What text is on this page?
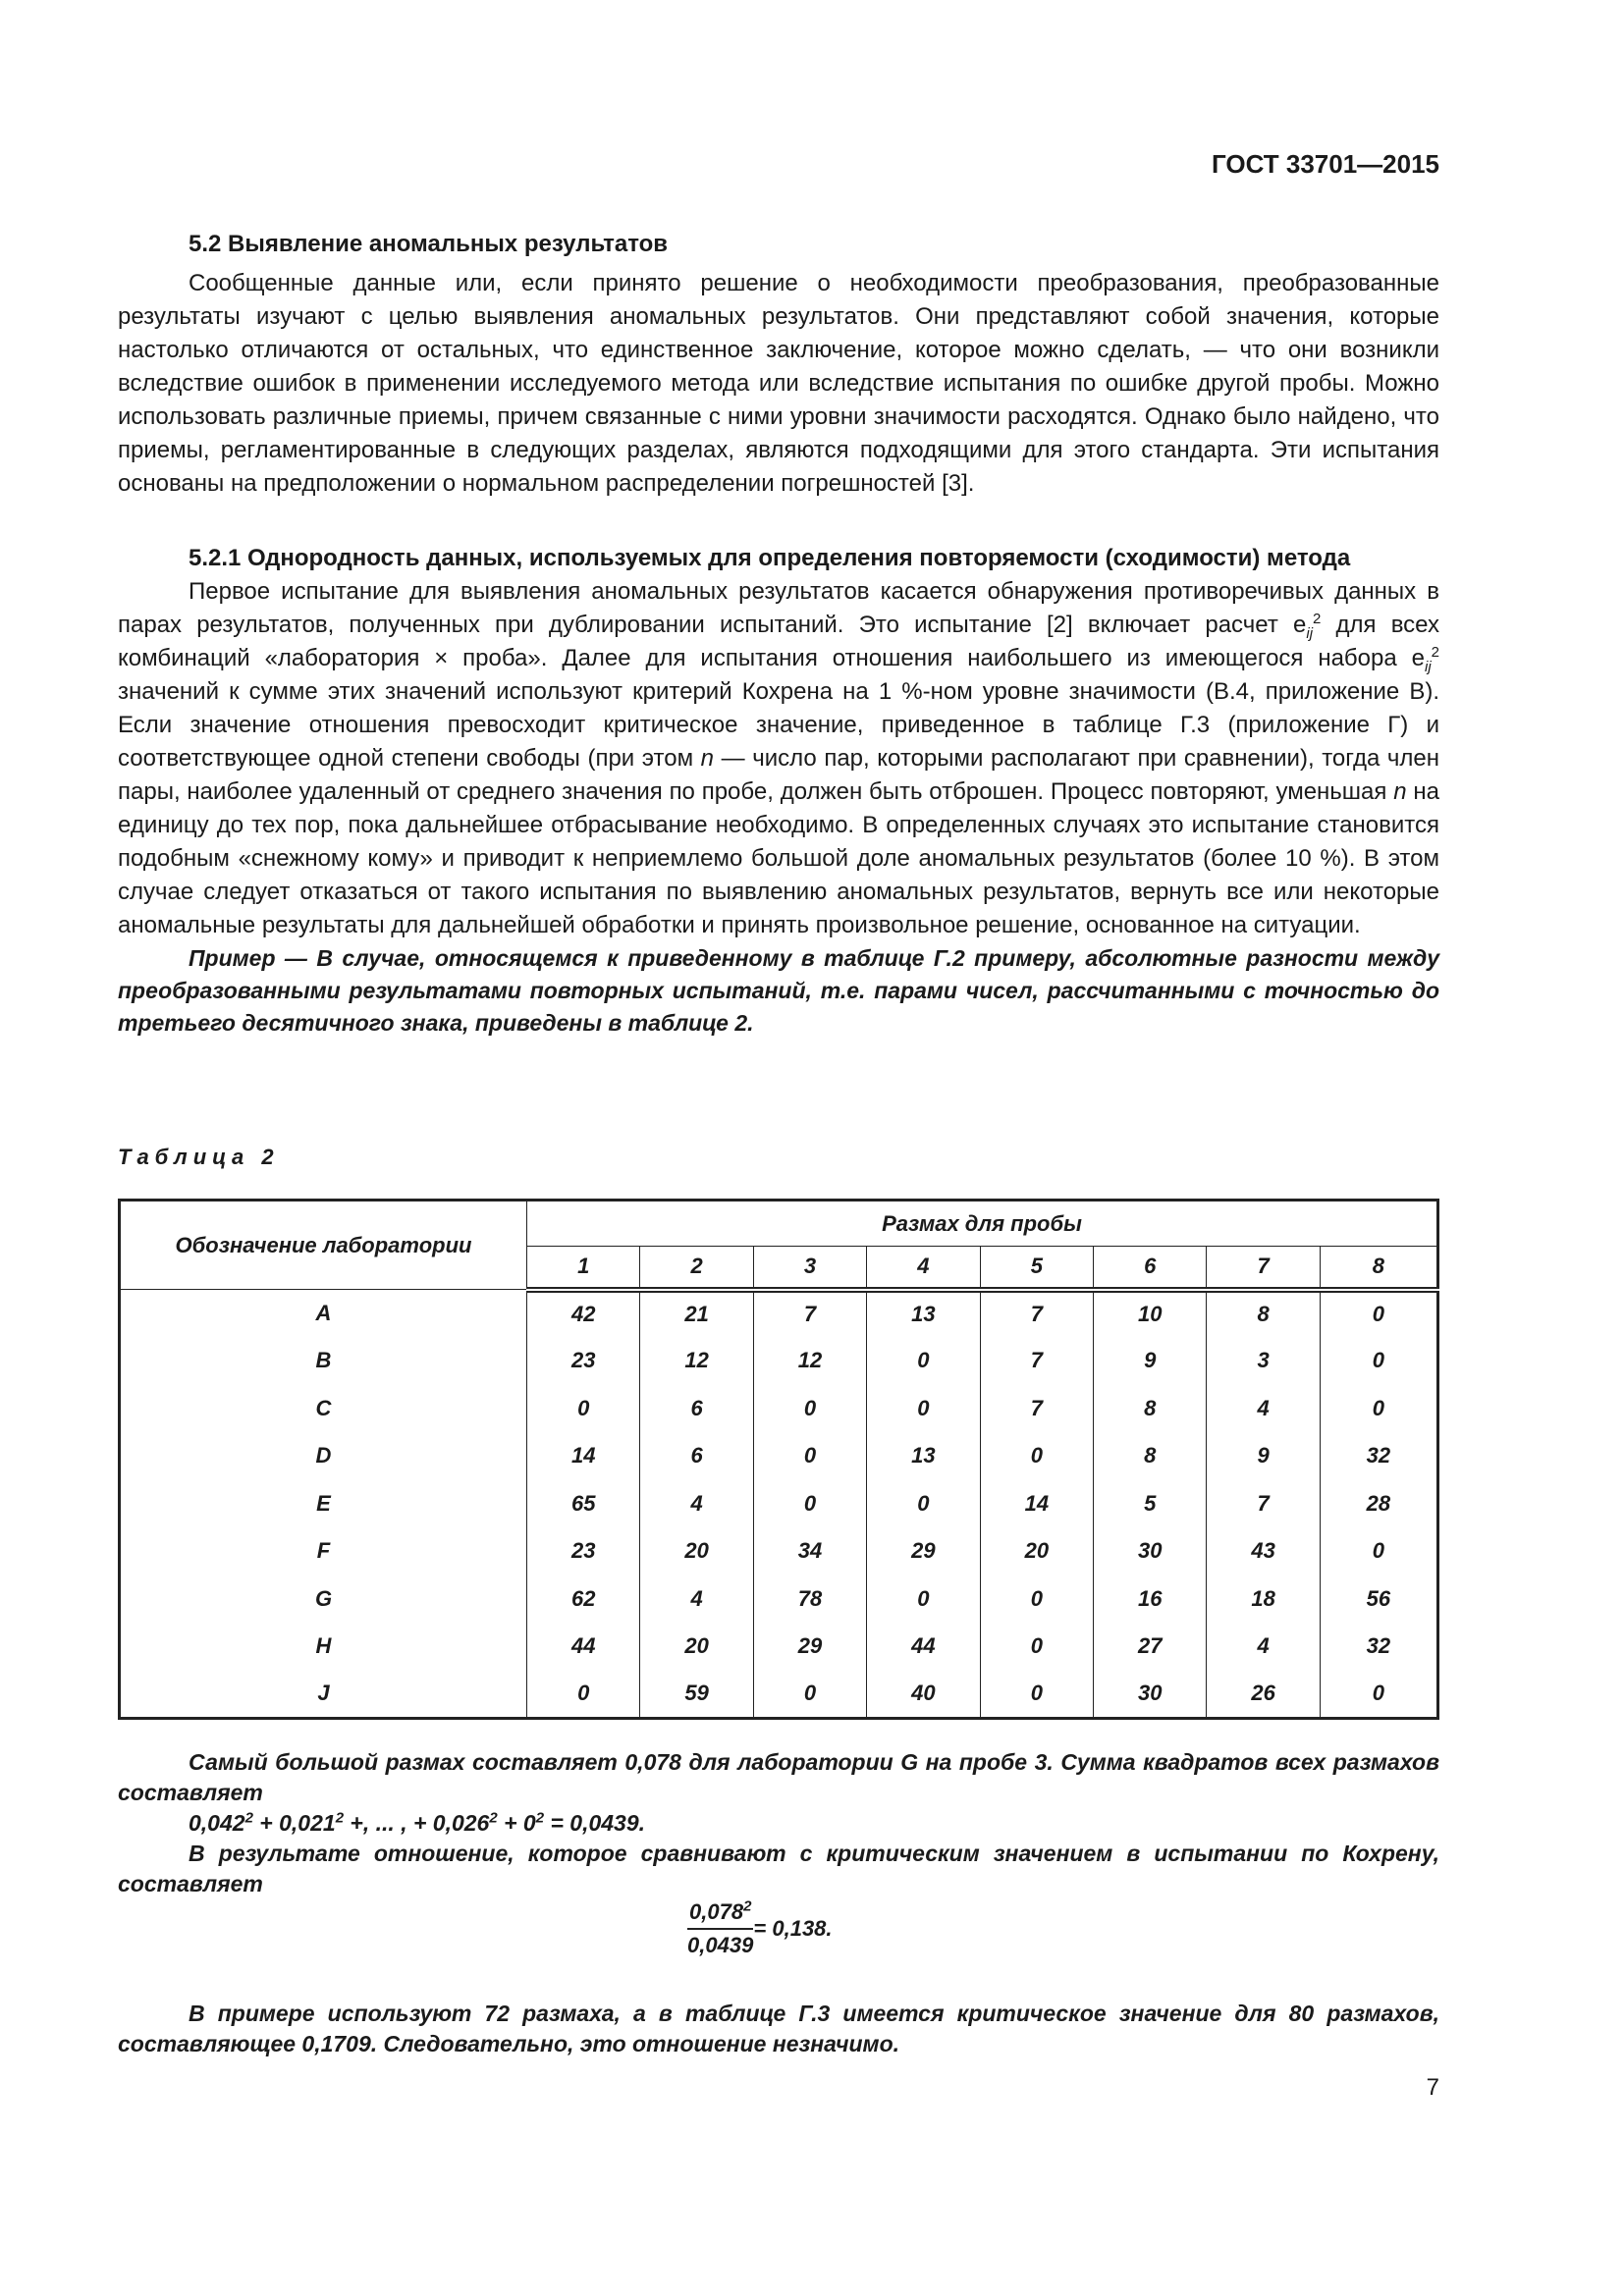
ГОСТ 33701—2015

5.2 Выявление аномальных результатов

Сообщенные данные или, если принято решение о необходимости преобразования, преобразованные результаты изучают с целью выявления аномальных результатов. Они представляют собой значения, которые настолько отличаются от остальных, что единственное заключение, которое можно сделать, — что они возникли вследствие ошибок в применении исследуемого метода или вследствие испытания по ошибке другой пробы. Можно использовать различные приемы, причем связанные с ними уровни значимости расходятся. Однако было найдено, что приемы, регламентированные в следующих разделах, являются подходящими для этого стандарта. Эти испытания основаны на предположении о нормальном распределении погрешностей [3].

5.2.1 Однородность данных, используемых для определения повторяемости (сходимости) метода

Первое испытание для выявления аномальных результатов касается обнаружения противоречивых данных в парах результатов, полученных при дублировании испытаний. Это испытание [2] включает расчет $e_{ij}^2$ для всех комбинаций «лаборатория × проба». Далее для испытания отношения наибольшего из имеющегося набора $e_{ij}^2$ значений к сумме этих значений используют критерий Кохрена на 1 %-ном уровне значимости (В.4, приложение В). Если значение отношения превосходит критическое значение, приведенное в таблице Г.3 (приложение Г) и соответствующее одной степени свободы (при этом n — число пар, которыми располагают при сравнении), тогда член пары, наиболее удаленный от среднего значения по пробе, должен быть отброшен. Процесс повторяют, уменьшая n на единицу до тех пор, пока дальнейшее отбрасывание необходимо. В определенных случаях это испытание становится подобным «снежному кому» и приводит к неприемлемо большой доле аномальных результатов (более 10 %). В этом случае следует отказаться от такого испытания по выявлению аномальных результатов, вернуть все или некоторые аномальные результаты для дальнейшей обработки и принять произвольное решение, основанное на ситуации.

Пример — В случае, относящемся к приведенному в таблице Г.2 примеру, абсолютные разности между преобразованными результатами повторных испытаний, т.е. парами чисел, рассчитанными с точностью до третьего десятичного знака, приведены в таблице 2.

Таблица 2
Обозначение лаборатории	Размах для пробы							
	1	2	3	4	5	6	7	8
A	42	21	7	13	7	10	8	0
B	23	12	12	0	7	9	3	0
C	0	6	0	0	7	8	4	0
D	14	6	0	13	0	8	9	32
E	65	4	0	0	14	5	7	28
F	23	20	34	29	20	30	43	0
G	62	4	78	0	0	16	18	56
H	44	20	29	44	0	27	4	32
J	0	59	0	40	0	30	26	0

Самый большой размах составляет 0,078 для лаборатории G на пробе 3. Сумма квадратов всех размахов составляет

$0,042^2 + 0,021^2$ +, ... , + $0,026^2 + 0^2 = 0,0439$.

В результате отношение, которое сравнивают с критическим значением в испытании по Кохрену, составляет

$\frac{0,078^2}{0,0439} = 0,138$.

В примере используют 72 размаха, а в таблице Г.3 имеется критическое значение для 80 размахов, составляющее 0,1709. Следовательно, это отношение незначимо.

7
